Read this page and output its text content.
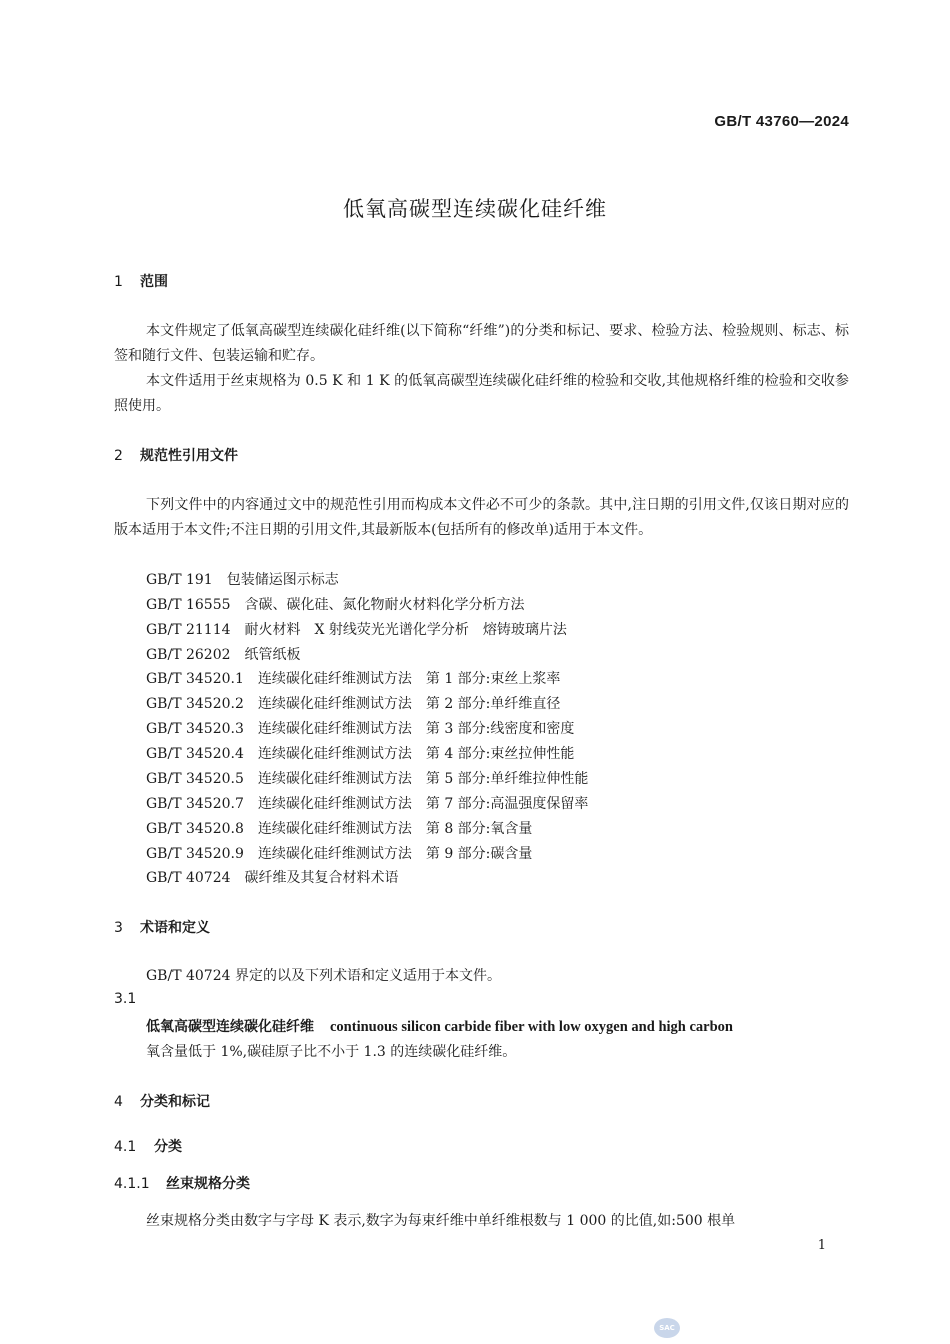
GB/T 43760—2024
低氧高碳型连续碳化硅纤维
1 范围
本文件规定了低氧高碳型连续碳化硅纤维(以下简称“纤维”)的分类和标记、要求、检验方法、检验规则、标志、标签和随行文件、包装运输和贮存。
本文件适用于丝束规格为 0.5 K 和 1 K 的低氧高碳型连续碳化硅纤维的检验和交收,其他规格纤维的检验和交收参照使用。
2 规范性引用文件
下列文件中的内容通过文中的规范性引用而构成本文件必不可少的条款。其中,注日期的引用文件,仅该日期对应的版本适用于本文件;不注日期的引用文件,其最新版本(包括所有的修改单)适用于本文件。
GB/T 191 包装储运图示标志
GB/T 16555 含碳、碳化硅、氮化物耐火材料化学分析方法
GB/T 21114 耐火材料　X 射线荧光光谱化学分析　熔铸玻璃片法
GB/T 26202 纸管纸板
GB/T 34520.1 连续碳化硅纤维测试方法　第 1 部分:束丝上浆率
GB/T 34520.2 连续碳化硅纤维测试方法　第 2 部分:单纤维直径
GB/T 34520.3 连续碳化硅纤维测试方法　第 3 部分:线密度和密度
GB/T 34520.4 连续碳化硅纤维测试方法　第 4 部分:束丝拉伸性能
GB/T 34520.5 连续碳化硅纤维测试方法　第 5 部分:单纤维拉伸性能
GB/T 34520.7 连续碳化硅纤维测试方法　第 7 部分:高温强度保留率
GB/T 34520.8 连续碳化硅纤维测试方法　第 8 部分:氧含量
GB/T 34520.9 连续碳化硅纤维测试方法　第 9 部分:碳含量
GB/T 40724 碳纤维及其复合材料术语
3 术语和定义
GB/T 40724 界定的以及下列术语和定义适用于本文件。
3.1
低氧高碳型连续碳化硅纤维 continuous silicon carbide fiber with low oxygen and high carbon
氧含量低于 1%,碳硅原子比不小于 1.3 的连续碳化硅纤维。
4 分类和标记
4.1 分类
4.1.1 丝束规格分类
丝束规格分类由数字与字母 K 表示,数字为每束纤维中单纤维根数与 1 000 的比值,如:500 根单
1
SAC
